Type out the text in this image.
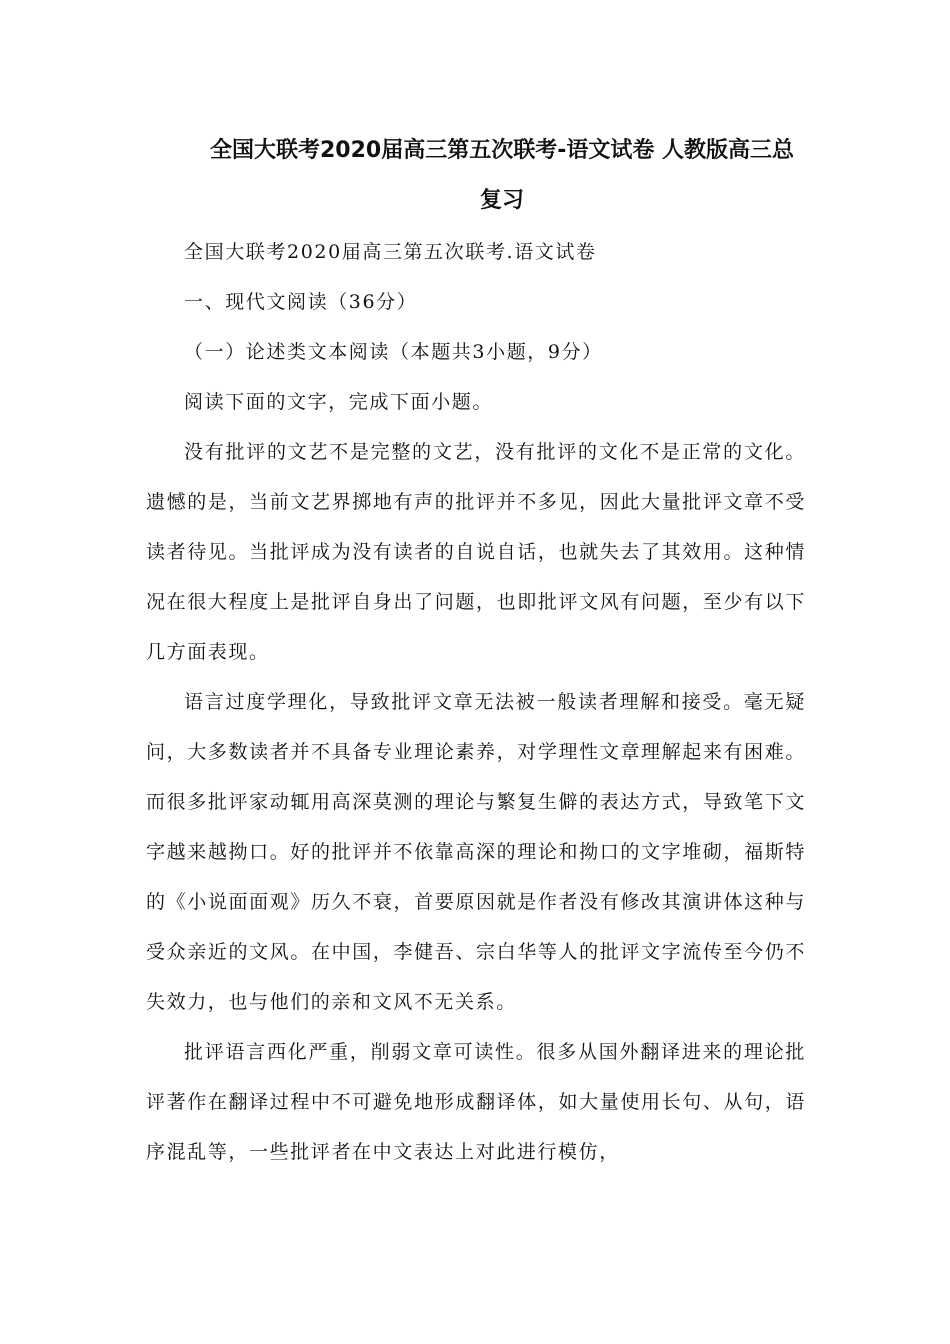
全国大联考2020届高三第五次联考-语文试卷 人教版高三总
复习

全国大联考2020届高三第五次联考.语文试卷

一、现代文阅读（36分）

（一）论述类文本阅读（本题共3小题，9分）

阅读下面的文字，完成下面小题。

没有批评的文艺不是完整的文艺，没有批评的文化不是正常的文化。遗憾的是，当前文艺界掷地有声的批评并不多见，因此大量批评文章不受读者待见。当批评成为没有读者的自说自话，也就失去了其效用。这种情况在很大程度上是批评自身出了问题，也即批评文风有问题，至少有以下几方面表现。

语言过度学理化，导致批评文章无法被一般读者理解和接受。毫无疑问，大多数读者并不具备专业理论素养，对学理性文章理解起来有困难。而很多批评家动辄用高深莫测的理论与繁复生僻的表达方式，导致笔下文字越来越拗口。好的批评并不依靠高深的理论和拗口的文字堆砌，福斯特的《小说面面观》历久不衰，首要原因就是作者没有修改其演讲体这种与受众亲近的文风。在中国，李健吾、宗白华等人的批评文字流传至今仍不失效力，也与他们的亲和文风不无关系。

批评语言西化严重，削弱文章可读性。很多从国外翻译进来的理论批评著作在翻译过程中不可避免地形成翻译体，如大量使用长句、从句，语序混乱等，一些批评者在中文表达上对此进行模仿，
